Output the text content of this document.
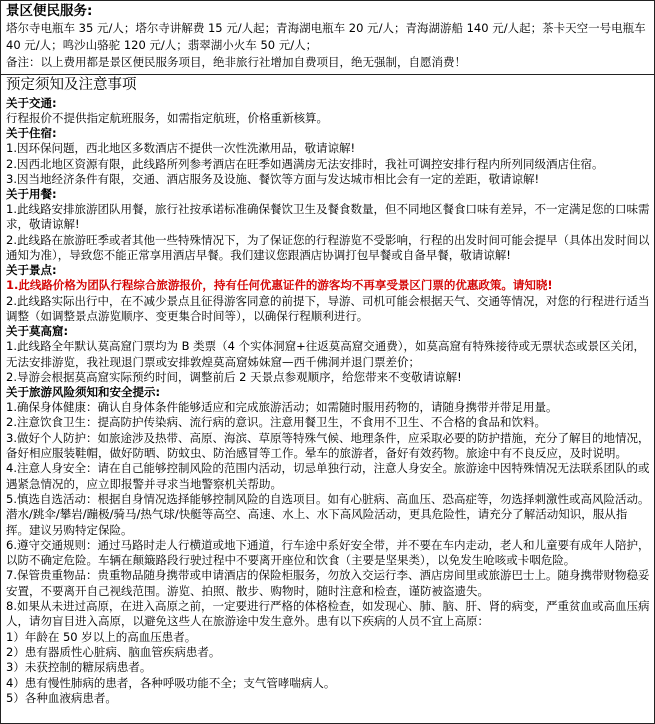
景区便民服务:
塔尔寺电瓶车 35 元/人；塔尔寺讲解费 15 元/人起；青海湖电瓶车 20 元/人；青海湖游船 140 元/人起；茶卡天空一号电瓶车 40 元/人；鸣沙山骆驼 120 元/人；翡翠湖小火车 50 元/人；
备注：以上费用都是景区便民服务项目，绝非旅行社增加自费项目，绝无强制，自愿消费！
预定须知及注意事项
关于交通:
行程报价不提供指定航班服务，如需指定航班，价格重新核算。
关于住宿:
1.因环保问题，西北地区多数酒店不提供一次性洗漱用品，敬请谅解!
2.因西北地区资源有限，此线路所列参考酒店在旺季如遇满房无法安排时，我社可调控安排行程内所列同级酒店住宿。
3.因当地经济条件有限，交通、酒店服务及设施、餐饮等方面与发达城市相比会有一定的差距，敬请谅解!
关于用餐:
1.此线路安排旅游团队用餐，旅行社按承诺标准确保餐饮卫生及餐食数量，但不同地区餐食口味有差异，不一定满足您的口味需求，敬请谅解!
2.此线路在旅游旺季或者其他一些特殊情况下，为了保证您的行程游览不受影响，行程的出发时间可能会提早（具体出发时间以通知为准），导致您不能正常享用酒店早餐。我们建议您跟酒店协调打包早餐或自备早餐，敬请谅解!
关于景点:
1.此线路价格为团队行程综合旅游报价，持有任何优惠证件的游客均不再享受景区门票的优惠政策。请知晓!
2.此线路实际出行中，在不减少景点且征得游客同意的前提下，导游、司机可能会根据天气、交通等情况，对您的行程进行适当调整（如调整景点游览顺序、变更集合时间等），以确保行程顺利进行。
关于莫高窟:
1.此线路全年默认莫高窟门票均为 B 类票（4 个实体洞窟+往返莫高窟交通费），如莫高窟有特殊接待或无票状态或景区关闭，无法安排游览，我社现退门票或安排敦煌莫高窟姊妹窟—西千佛洞并退门票差价；
2.导游会根据莫高窟实际预约时间，调整前后 2 天景点参观顺序，给您带来不变敬请谅解!
关于旅游风险须知和安全提示:
1.确保身体健康：确认自身体条件能够适应和完成旅游活动；如需随时服用药物的，请随身携带并带足用量。
2.注意饮食卫生：提高防护传染病、流行病的意识。注意用餐卫生，不食用不卫生、不合格的食品和饮料。
3.做好个人防护：如旅途涉及热带、高原、海滨、草原等特殊气候、地理条件，应采取必要的防护措施，充分了解目的地情况，备好相应服装鞋帽，做好防晒、防蚊虫、防治感冒等工作。晕车的旅游者，备好有效药物。旅途中有不良反应，及时说明。
4.注意人身安全：请在自己能够控制风险的范围内活动，切忌单独行动，注意人身安全。旅游途中因特殊情况无法联系团队的或遇紧急情况的，应立即报警并寻求当地警察机关帮助。
5.慎选自选活动：根据自身情况选择能够控制风险的自选项目。如有心脏病、高血压、恐高症等，勿选择刺激性或高风险活动。潜水/跳伞/攀岩/蹦极/骑马/热气球/快艇等高空、高速、水上、水下高风险活动，更具危险性，请充分了解活动知识，服从指挥。建议另购特定保险。
6.遵守交通规则：通过马路时走人行横道或地下通道，行车途中系好安全带，并不要在车内走动，老人和儿童要有成年人陪护，以防不确定危险。车辆在颠簸路段行驶过程中不要离开座位和饮食（主要是坚果类），以免发生呛咳或卡咽危险。
7.保管贵重物品：贵重物品随身携带或申请酒店的保险柜服务，勿放入交运行李、酒店房间里或旅游巴士上。随身携带财物稳妥安置，不要离开自己视线范围。游览、拍照、散步、购物时，随时注意和检查，谨防被盗遗失。
8.如果从未进过高原，在进入高原之前，一定要进行严格的体格检查，如发现心、肺、脑、肝、肾的病变，严重贫血或高血压病人，请勿盲目进入高原，以避免这些人在旅游途中发生意外。患有以下疾病的人员不宜上高原：
1）年龄在 50 岁以上的高血压患者。
2）患有器质性心脏病、脑血管疾病患者。
3）未获控制的糖尿病患者。
4）患有慢性肺病的患者，各种呼吸功能不全；支气管哮喘病人。
5）各种血液病患者。
